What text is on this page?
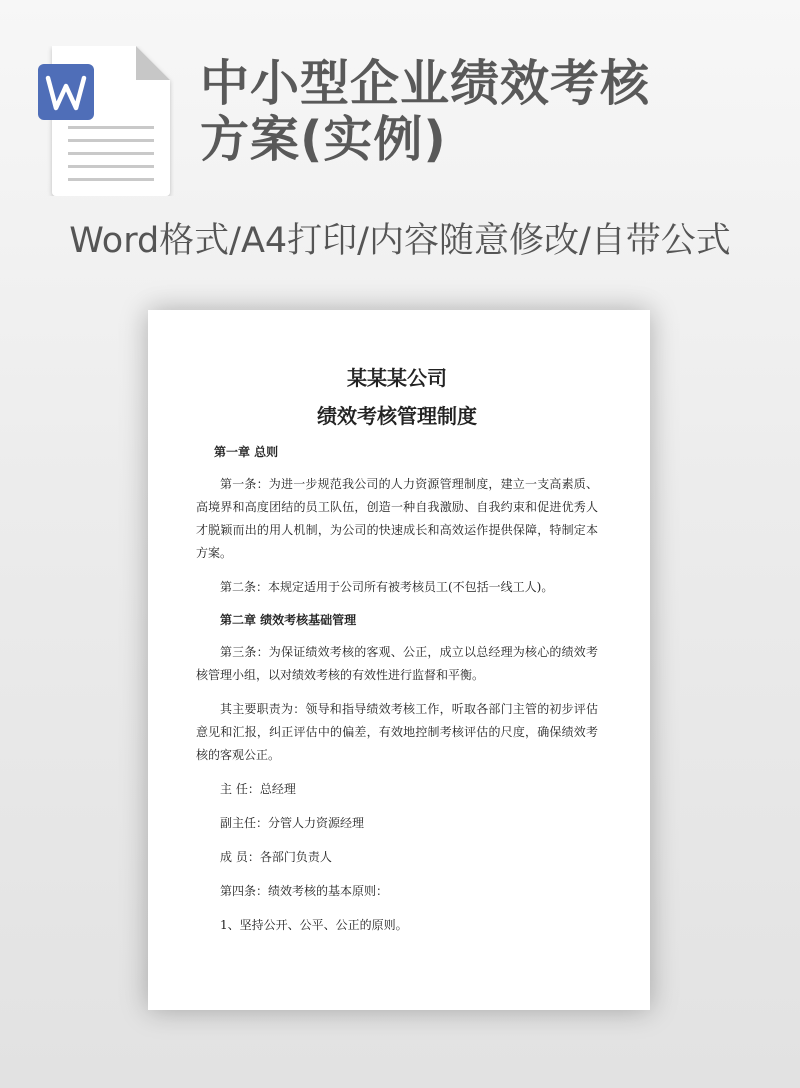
中小型企业绩效考核
方案(实例)
Word格式/A4打印/内容随意修改/自带公式
某某某公司
绩效考核管理制度
第一章 总则

第一条：为进一步规范我公司的人力资源管理制度，建立一支高素质、高境界和高度团结的员工队伍，创造一种自我激励、自我约束和促进优秀人才脱颖而出的用人机制，为公司的快速成长和高效运作提供保障，特制定本方案。

第二条：本规定适用于公司所有被考核员工(不包括一线工人)。

第二章 绩效考核基础管理

第三条：为保证绩效考核的客观、公正，成立以总经理为核心的绩效考核管理小组，以对绩效考核的有效性进行监督和平衡。

其主要职责为：领导和指导绩效考核工作，听取各部门主管的初步评估意见和汇报，纠正评估中的偏差，有效地控制考核评估的尺度，确保绩效考核的客观公正。

主 任：总经理
副主任：分管人力资源经理
成 员：各部门负责人
第四条：绩效考核的基本原则：
1、坚持公开、公平、公正的原则。
